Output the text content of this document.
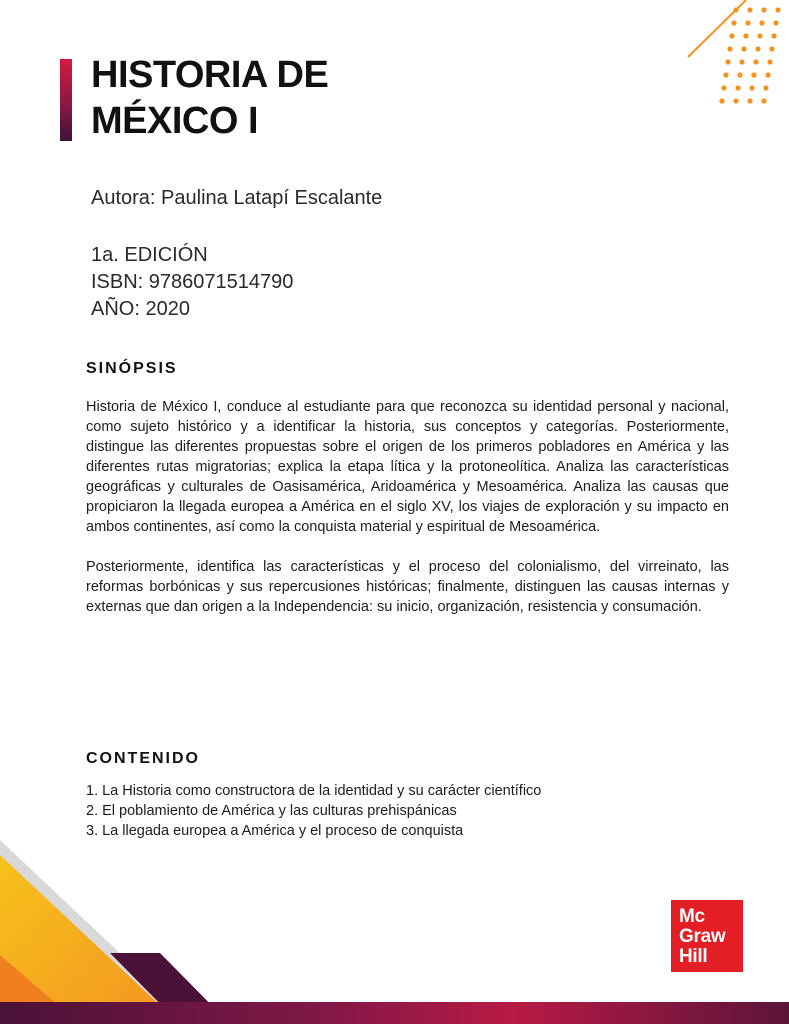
HISTORIA DE
MÉXICO I
Autora: Paulina Latapí Escalante
1a. EDICIÓN
ISBN: 9786071514790
AÑO: 2020
SINÓPSIS

Historia de México I, conduce al estudiante para que reconozca su identidad personal y nacional, como sujeto histórico y a identificar la historia, sus conceptos y categorías. Posteriormente, distingue las diferentes propuestas sobre el origen de los primeros pobladores en América y las diferentes rutas migratorias; explica la etapa lítica y la protoneolítica. Analiza las características geográficas y culturales de Oasisamérica, Aridoamérica y Mesoamérica. Analiza las causas que propiciaron la llegada europea a América en el siglo XV, los viajes de exploración y su impacto en ambos continentes, así como la conquista material y espiritual de Mesoamérica.

Posteriormente, identifica las características y el proceso del colonialismo, del virreinato, las reformas borbónicas y sus repercusiones históricas; finalmente, distinguen las causas internas y externas que dan origen a la Independencia: su inicio, organización, resistencia y consumación.

CONTENIDO
1. La Historia como constructora de la identidad y su carácter científico
2. El poblamiento de América y las culturas prehispánicas
3. La llegada europea a América y el proceso de conquista
Mc
Graw
Hill
